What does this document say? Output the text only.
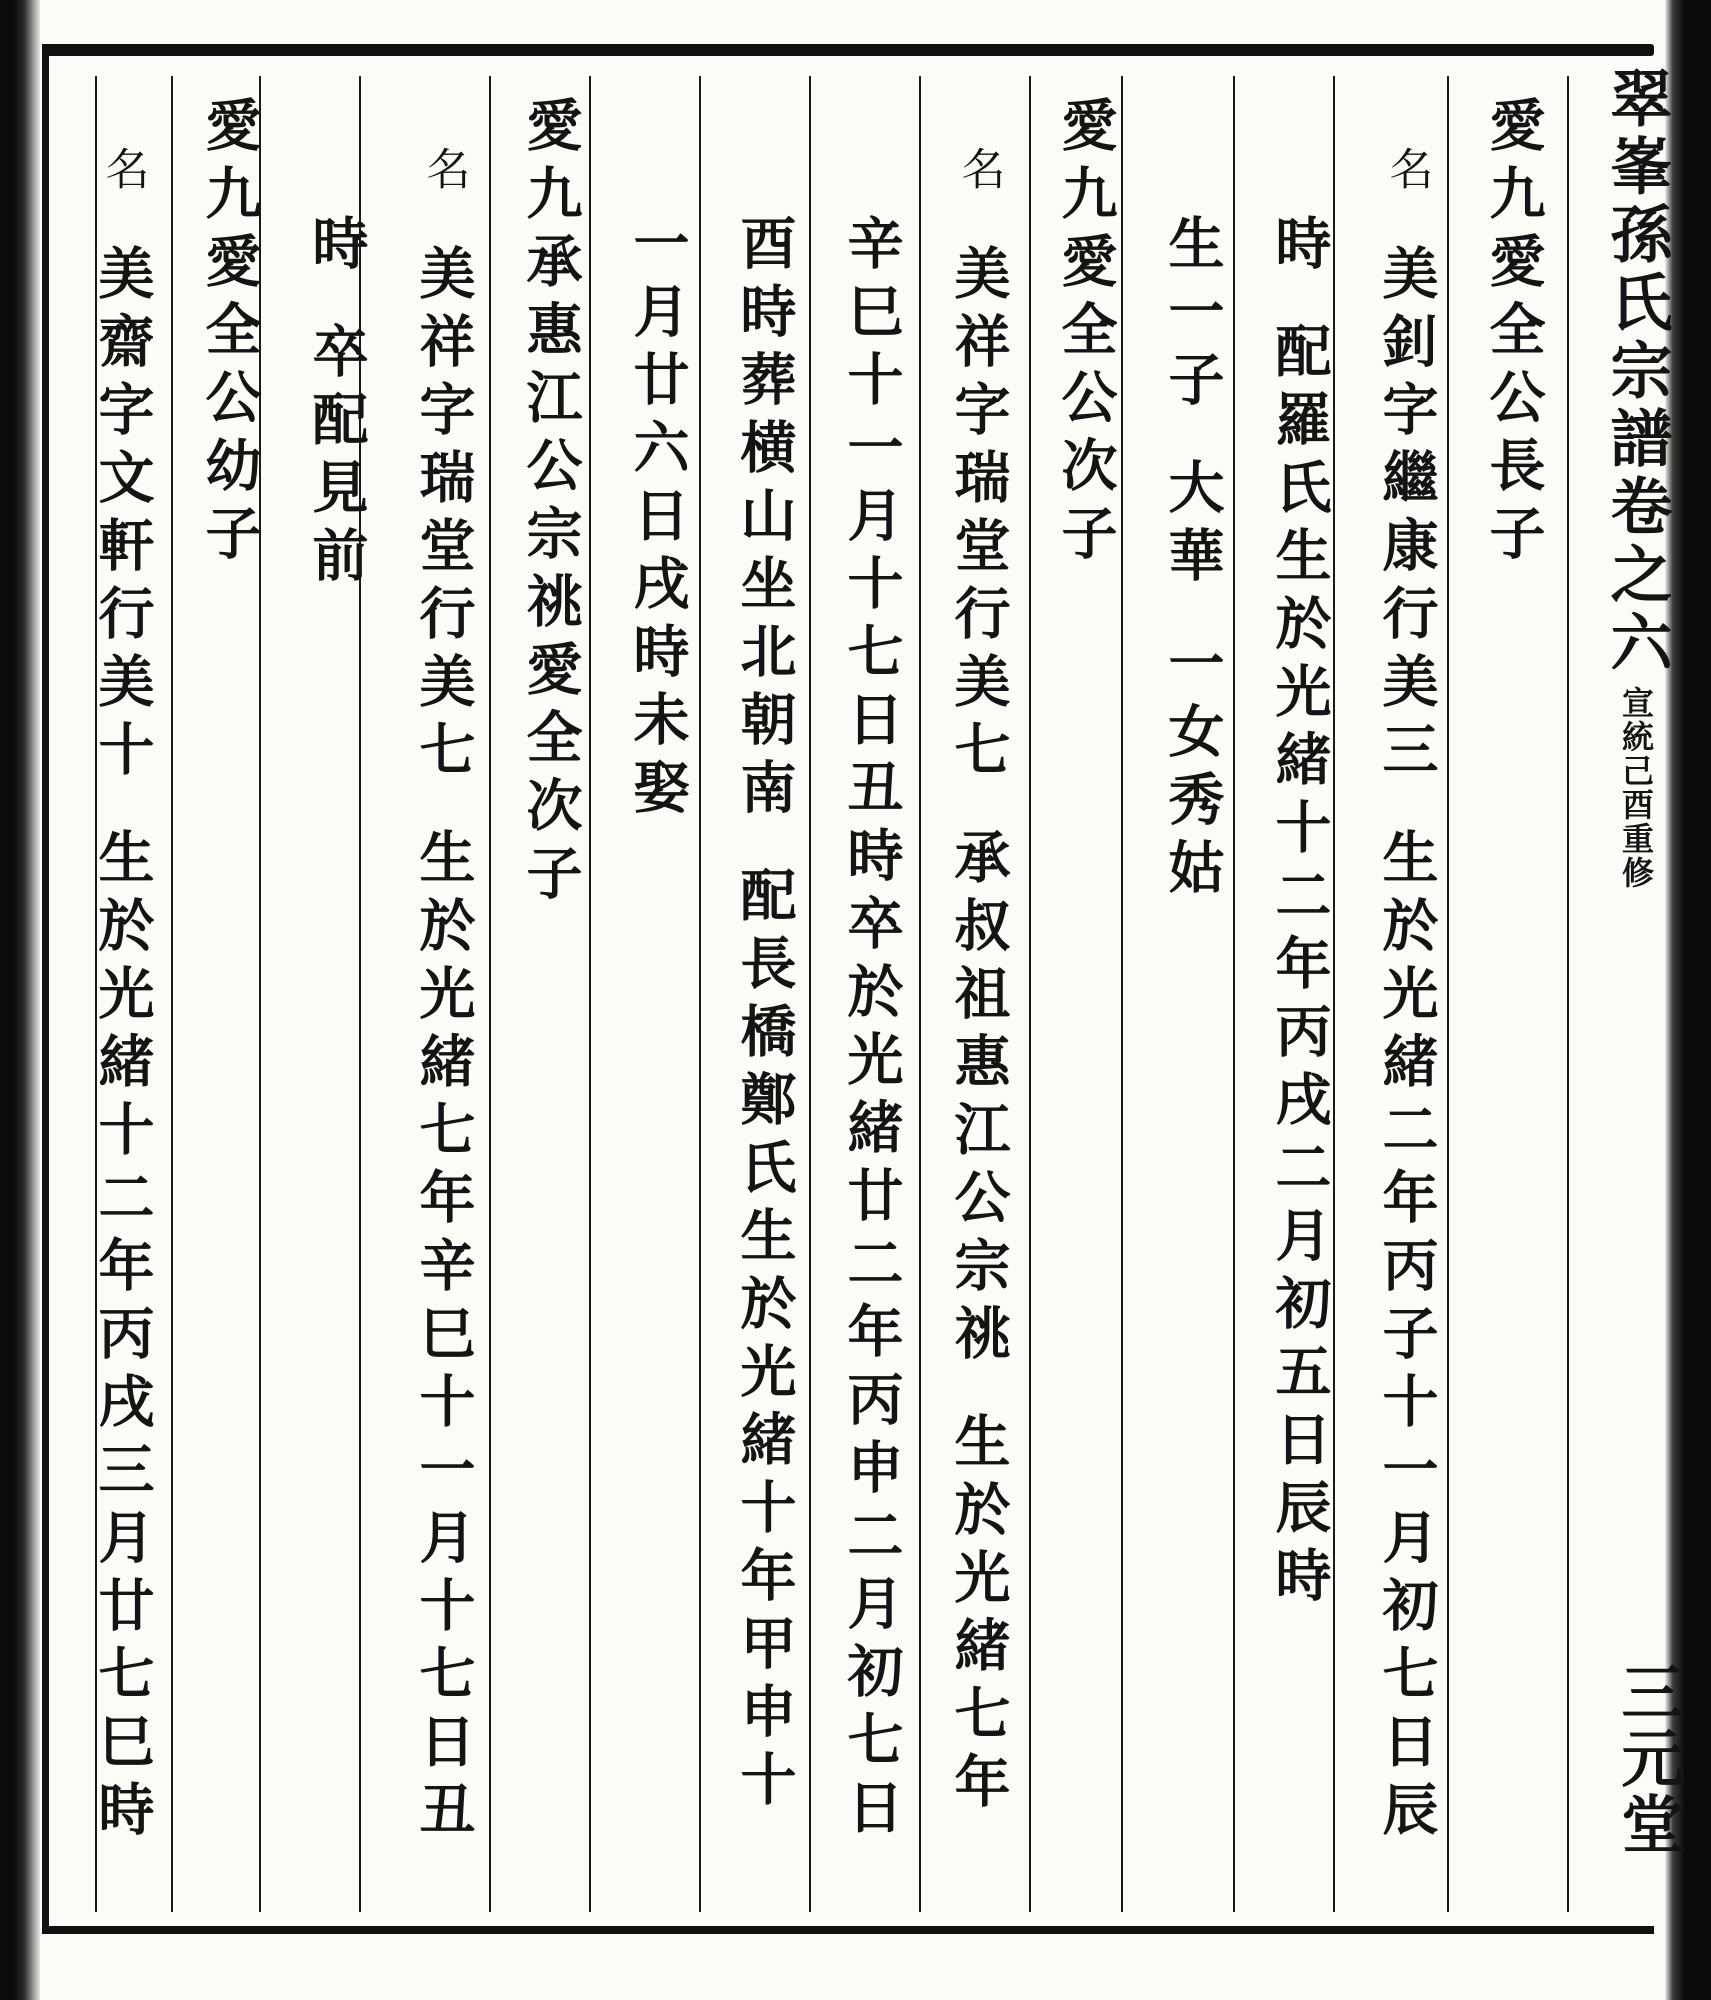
翠峯孫氏宗譜
卷之六
宣統己酉重修
三元堂
愛九愛全公長子
名
美釗字繼康行美三
生於光緒二年丙子十一月初七日辰
時
配羅氏生於光緒十二年丙戌二月初五日辰時
生一子
大華
一女秀姑
愛九愛全公次子
名
美祥字瑞堂行美七
承叔祖惠江公宗祧
生於光緒七年
辛巳十一月十七日丑時卒於光緒廿二年丙申二月初七日
酉時葬横山坐北朝南
配長橋鄭氏生於光緒十年甲申十
一月廿六日戌時未娶
愛九承惠江公宗祧愛全次子
名
美祥字瑞堂行美七
生於光緒七年辛巳十一月十七日丑
時
卒配見前
愛九愛全公幼子
名
美齋字文軒行美十
生於光緒十二年丙戌三月廿七巳時
